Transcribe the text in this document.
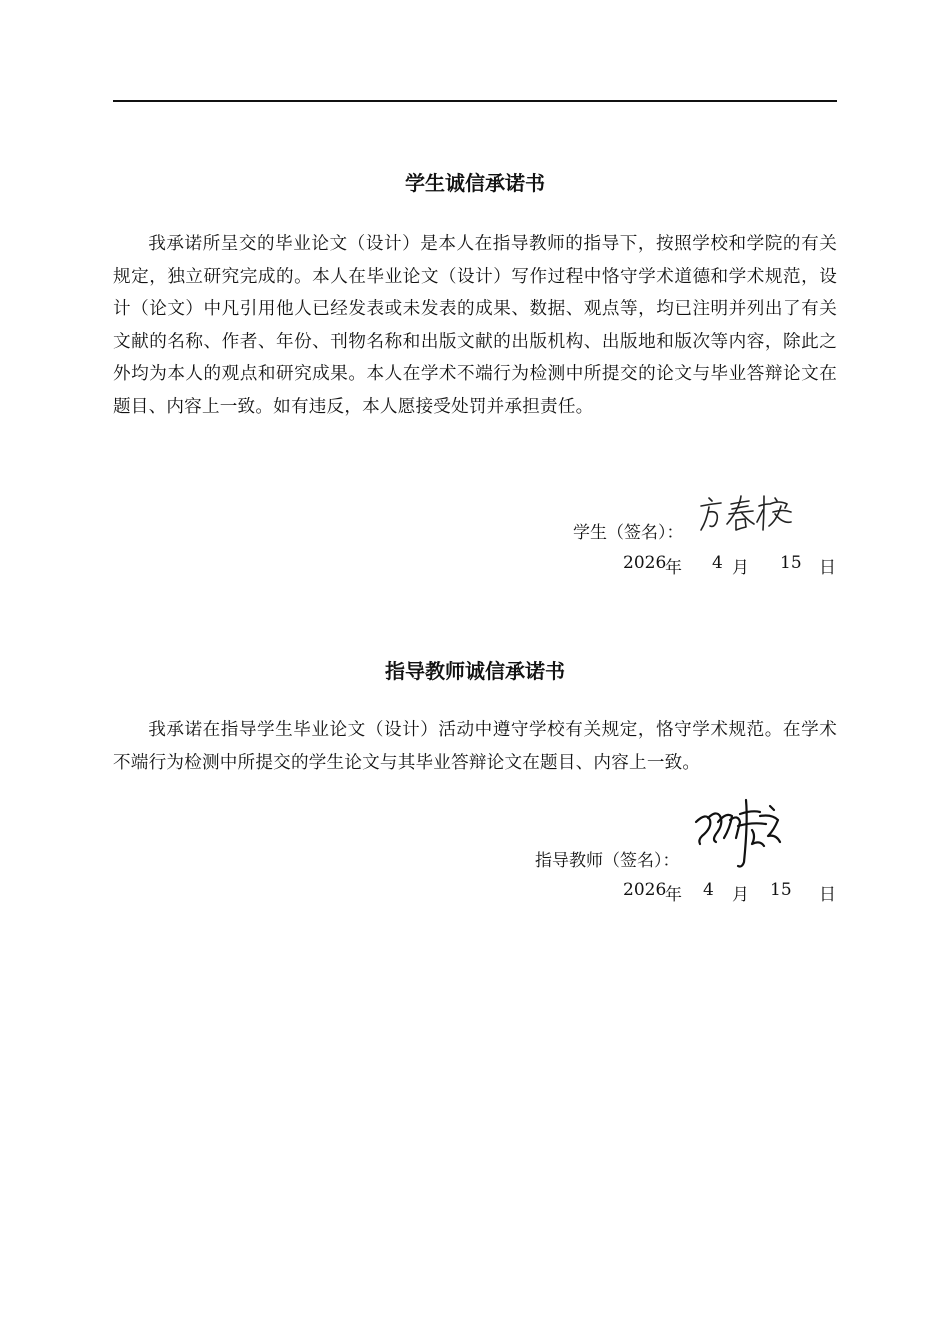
学生诚信承诺书

我承诺所呈交的毕业论文（设计）是本人在指导教师的指导下，按照学校和学院的有关规定，独立研究完成的。本人在毕业论文（设计）写作过程中恪守学术道德和学术规范，设计（论文）中凡引用他人已经发表或未发表的成果、数据、观点等，均已注明并列出了有关文献的名称、作者、年份、刊物名称和出版文献的出版机构、出版地和版次等内容，除此之外均为本人的观点和研究成果。本人在学术不端行为检测中所提交的论文与毕业答辩论文在题目、内容上一致。如有违反，本人愿接受处罚并承担责任。

学生（签名）：
2026
年 4 月 15 日
指导教师诚信承诺书

我承诺在指导学生毕业论文（设计）活动中遵守学校有关规定，恪守学术规范。在学术不端行为检测中所提交的学生论文与其毕业答辩论文在题目、内容上一致。

指导教师（签名）：
2026
年 4 月 15 日
